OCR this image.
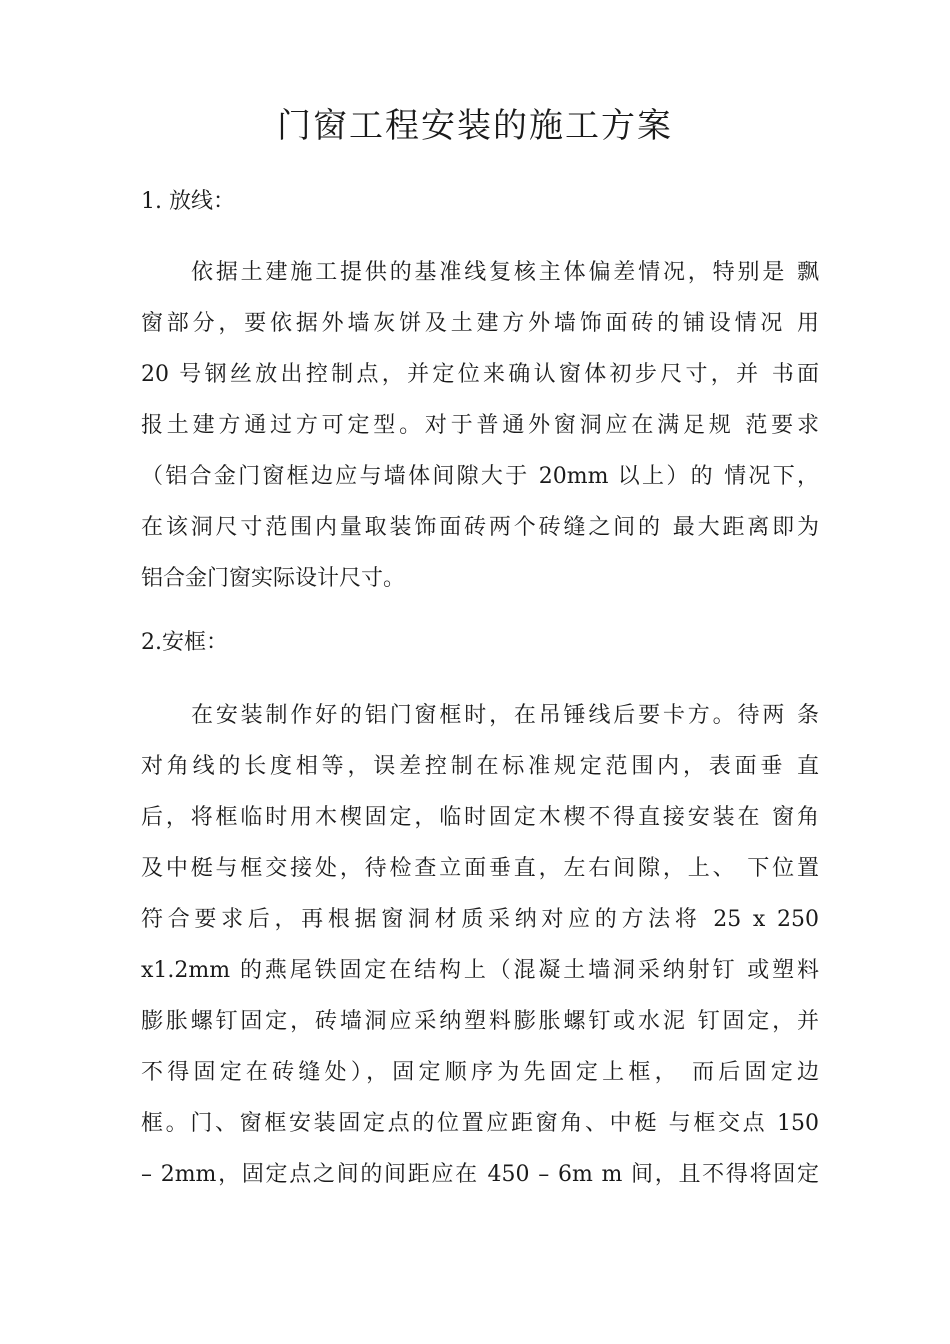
门窗工程安装的施工方案
1. 放线：
依据土建施工提供的基准线复核主体偏差情况，特别是 飘
窗部分，要依据外墙灰饼及土建方外墙饰面砖的铺设情况 用
20 号钢丝放出控制点，并定位来确认窗体初步尺寸，并 书面
报土建方通过方可定型。对于普通外窗洞应在满足规 范要求
（铝合金门窗框边应与墙体间隙大于 20mm 以上）的 情况下，
在该洞尺寸范围内量取装饰面砖两个砖缝之间的 最大距离即为
铝合金门窗实际设计尺寸。
2.安框：
在安装制作好的铝门窗框时，在吊锤线后要卡方。待两 条
对角线的长度相等，误差控制在标准规定范围内，表面垂 直
后，将框临时用木楔固定，临时固定木楔不得直接安装在 窗角
及中梃与框交接处，待检查立面垂直，左右间隙，上、 下位置
符合要求后，再根据窗洞材质采纳对应的方法将 25 x 250
x1.2mm 的燕尾铁固定在结构上（混凝土墙洞采纳射钉 或塑料
膨胀螺钉固定，砖墙洞应采纳塑料膨胀螺钉或水泥 钉固定，并
不得固定在砖缝处），固定顺序为先固定上框， 而后固定边
框。门、窗框安装固定点的位置应距窗角、中梃 与框交点 150
– 2mm，固定点之间的间距应在 450 – 6m m 间，且不得将固定
